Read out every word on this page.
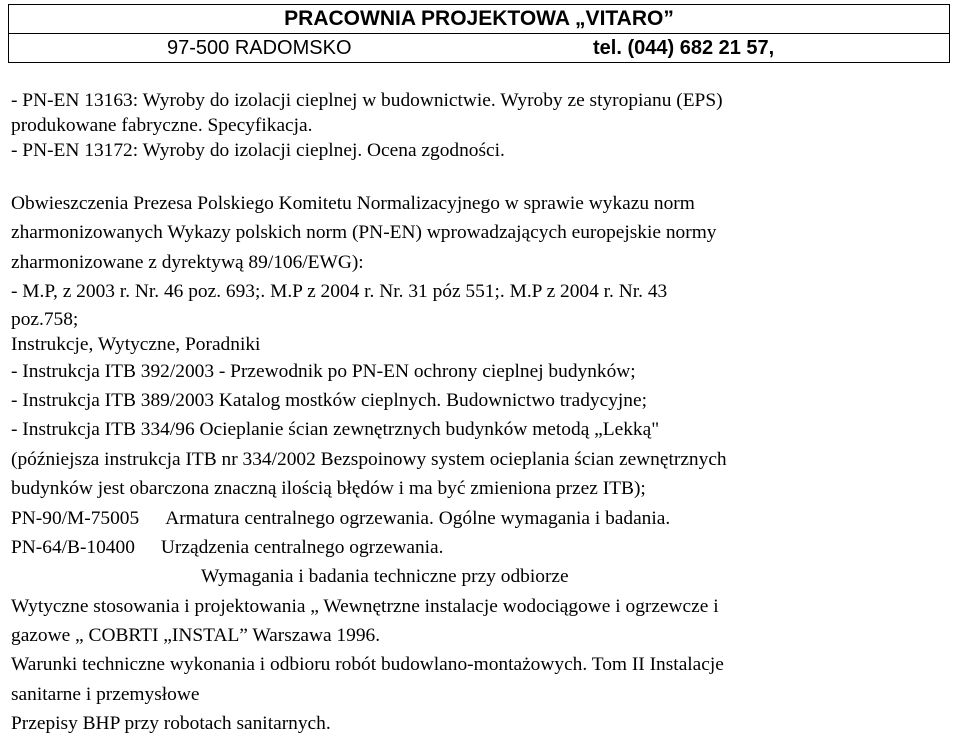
PRACOWNIA PROJEKTOWA „VITARO”
97-500 RADOMSKO	tel. (044) 682 21 57,
- PN-EN 13163: Wyroby do izolacji cieplnej w budownictwie. Wyroby ze styropianu (EPS)
produkowane fabryczne. Specyfikacja.
- PN-EN 13172: Wyroby do izolacji cieplnej. Ocena zgodności.
Obwieszczenia Prezesa Polskiego Komitetu Normalizacyjnego w sprawie wykazu norm
zharmonizowanych Wykazy polskich norm (PN-EN) wprowadzających europejskie normy
zharmonizowane z dyrektywą 89/106/EWG):
- M.P, z 2003 r. Nr. 46 poz. 693;. M.P z 2004 r. Nr. 31 póz 551;. M.P z 2004 r. Nr. 43
poz.758;
Instrukcje, Wytyczne, Poradniki
- Instrukcja ITB 392/2003 - Przewodnik po PN-EN ochrony cieplnej budynków;
- Instrukcja ITB 389/2003 Katalog mostków cieplnych. Budownictwo tradycyjne;
- Instrukcja ITB 334/96 Ocieplanie ścian zewnętrznych budynków metodą „Lekką"
(późniejsza instrukcja ITB nr 334/2002 Bezspoinowy system ocieplania ścian zewnętrznych
budynków jest obarczona znaczną ilością błędów i ma być zmieniona przez ITB);
PN-90/M-75005 Armatura centralnego ogrzewania. Ogólne wymagania i badania.
PN-64/B-10400 Urządzenia centralnego ogrzewania.
Wymagania i badania techniczne przy odbiorze
Wytyczne stosowania i projektowania „ Wewnętrzne instalacje wodociągowe i ogrzewcze i
gazowe „ COBRTI „INSTAL” Warszawa 1996.
Warunki techniczne wykonania i odbioru robót budowlano-montażowych. Tom II Instalacje
sanitarne i przemysłowe
Przepisy BHP przy robotach sanitarnych.
